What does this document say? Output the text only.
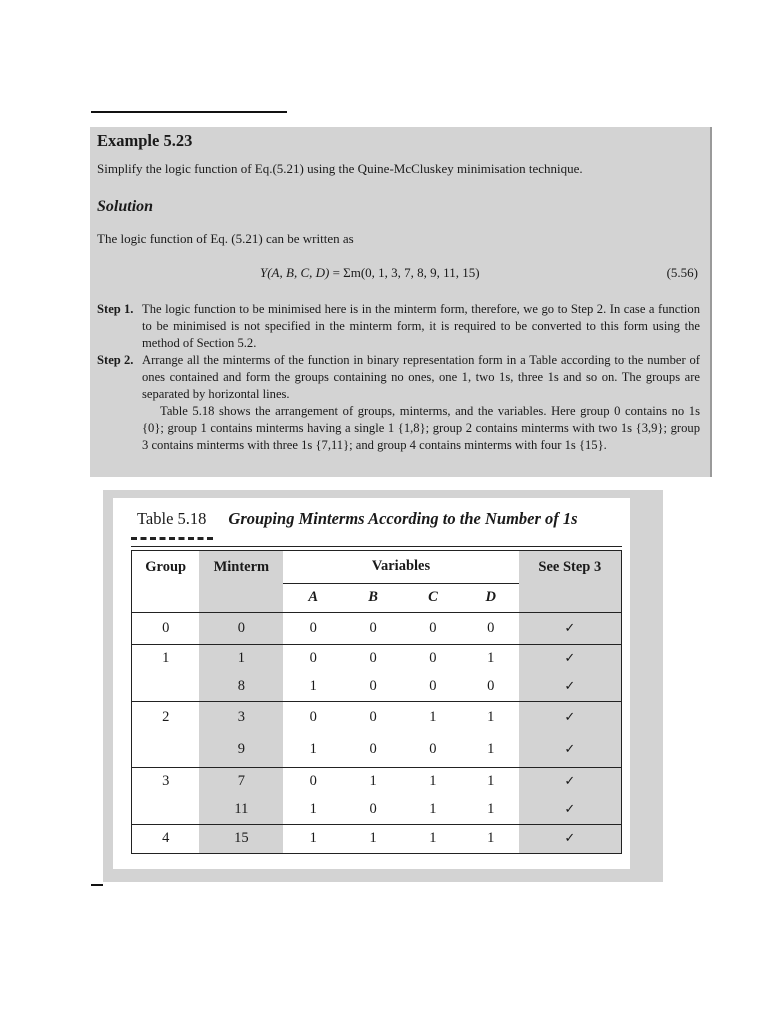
Example 5.23
Simplify the logic function of Eq.(5.21) using the Quine-McCluskey minimisation technique.
Solution
The logic function of Eq. (5.21) can be written as
Y(A, B, C, D) = Σm(0, 1, 3, 7, 8, 9, 11, 15)	(5.56)
Step 1. The logic function to be minimised here is in the minterm form, therefore, we go to Step 2. In case a function to be minimised is not specified in the minterm form, it is required to be converted to this form using the method of Section 5.2.
Step 2. Arrange all the minterms of the function in binary representation form in a Table according to the number of ones contained and form the groups containing no ones, one 1, two 1s, three 1s and so on. The groups are separated by horizontal lines.
Table 5.18 shows the arrangement of groups, minterms, and the variables. Here group 0 contains no 1s {0}; group 1 contains minterms having a single 1 {1,8}; group 2 contains minterms with two 1s {3,9}; group 3 contains minterms with three 1s {7,11}; and group 4 contains minterms with four 1s {15}.
Table 5.18 Grouping Minterms According to the Number of 1s
Group	Minterm	Variables				See Step 3
		A	B	C	D	
0	0	0	0	0	0	✓
1	1	0	0	0	1	✓
	8	1	0	0	0	✓
2	3	0	0	1	1	✓
	9	1	0	0	1	✓
3	7	0	1	1	1	✓
	11	1	0	1	1	✓
4	15	1	1	1	1	✓
